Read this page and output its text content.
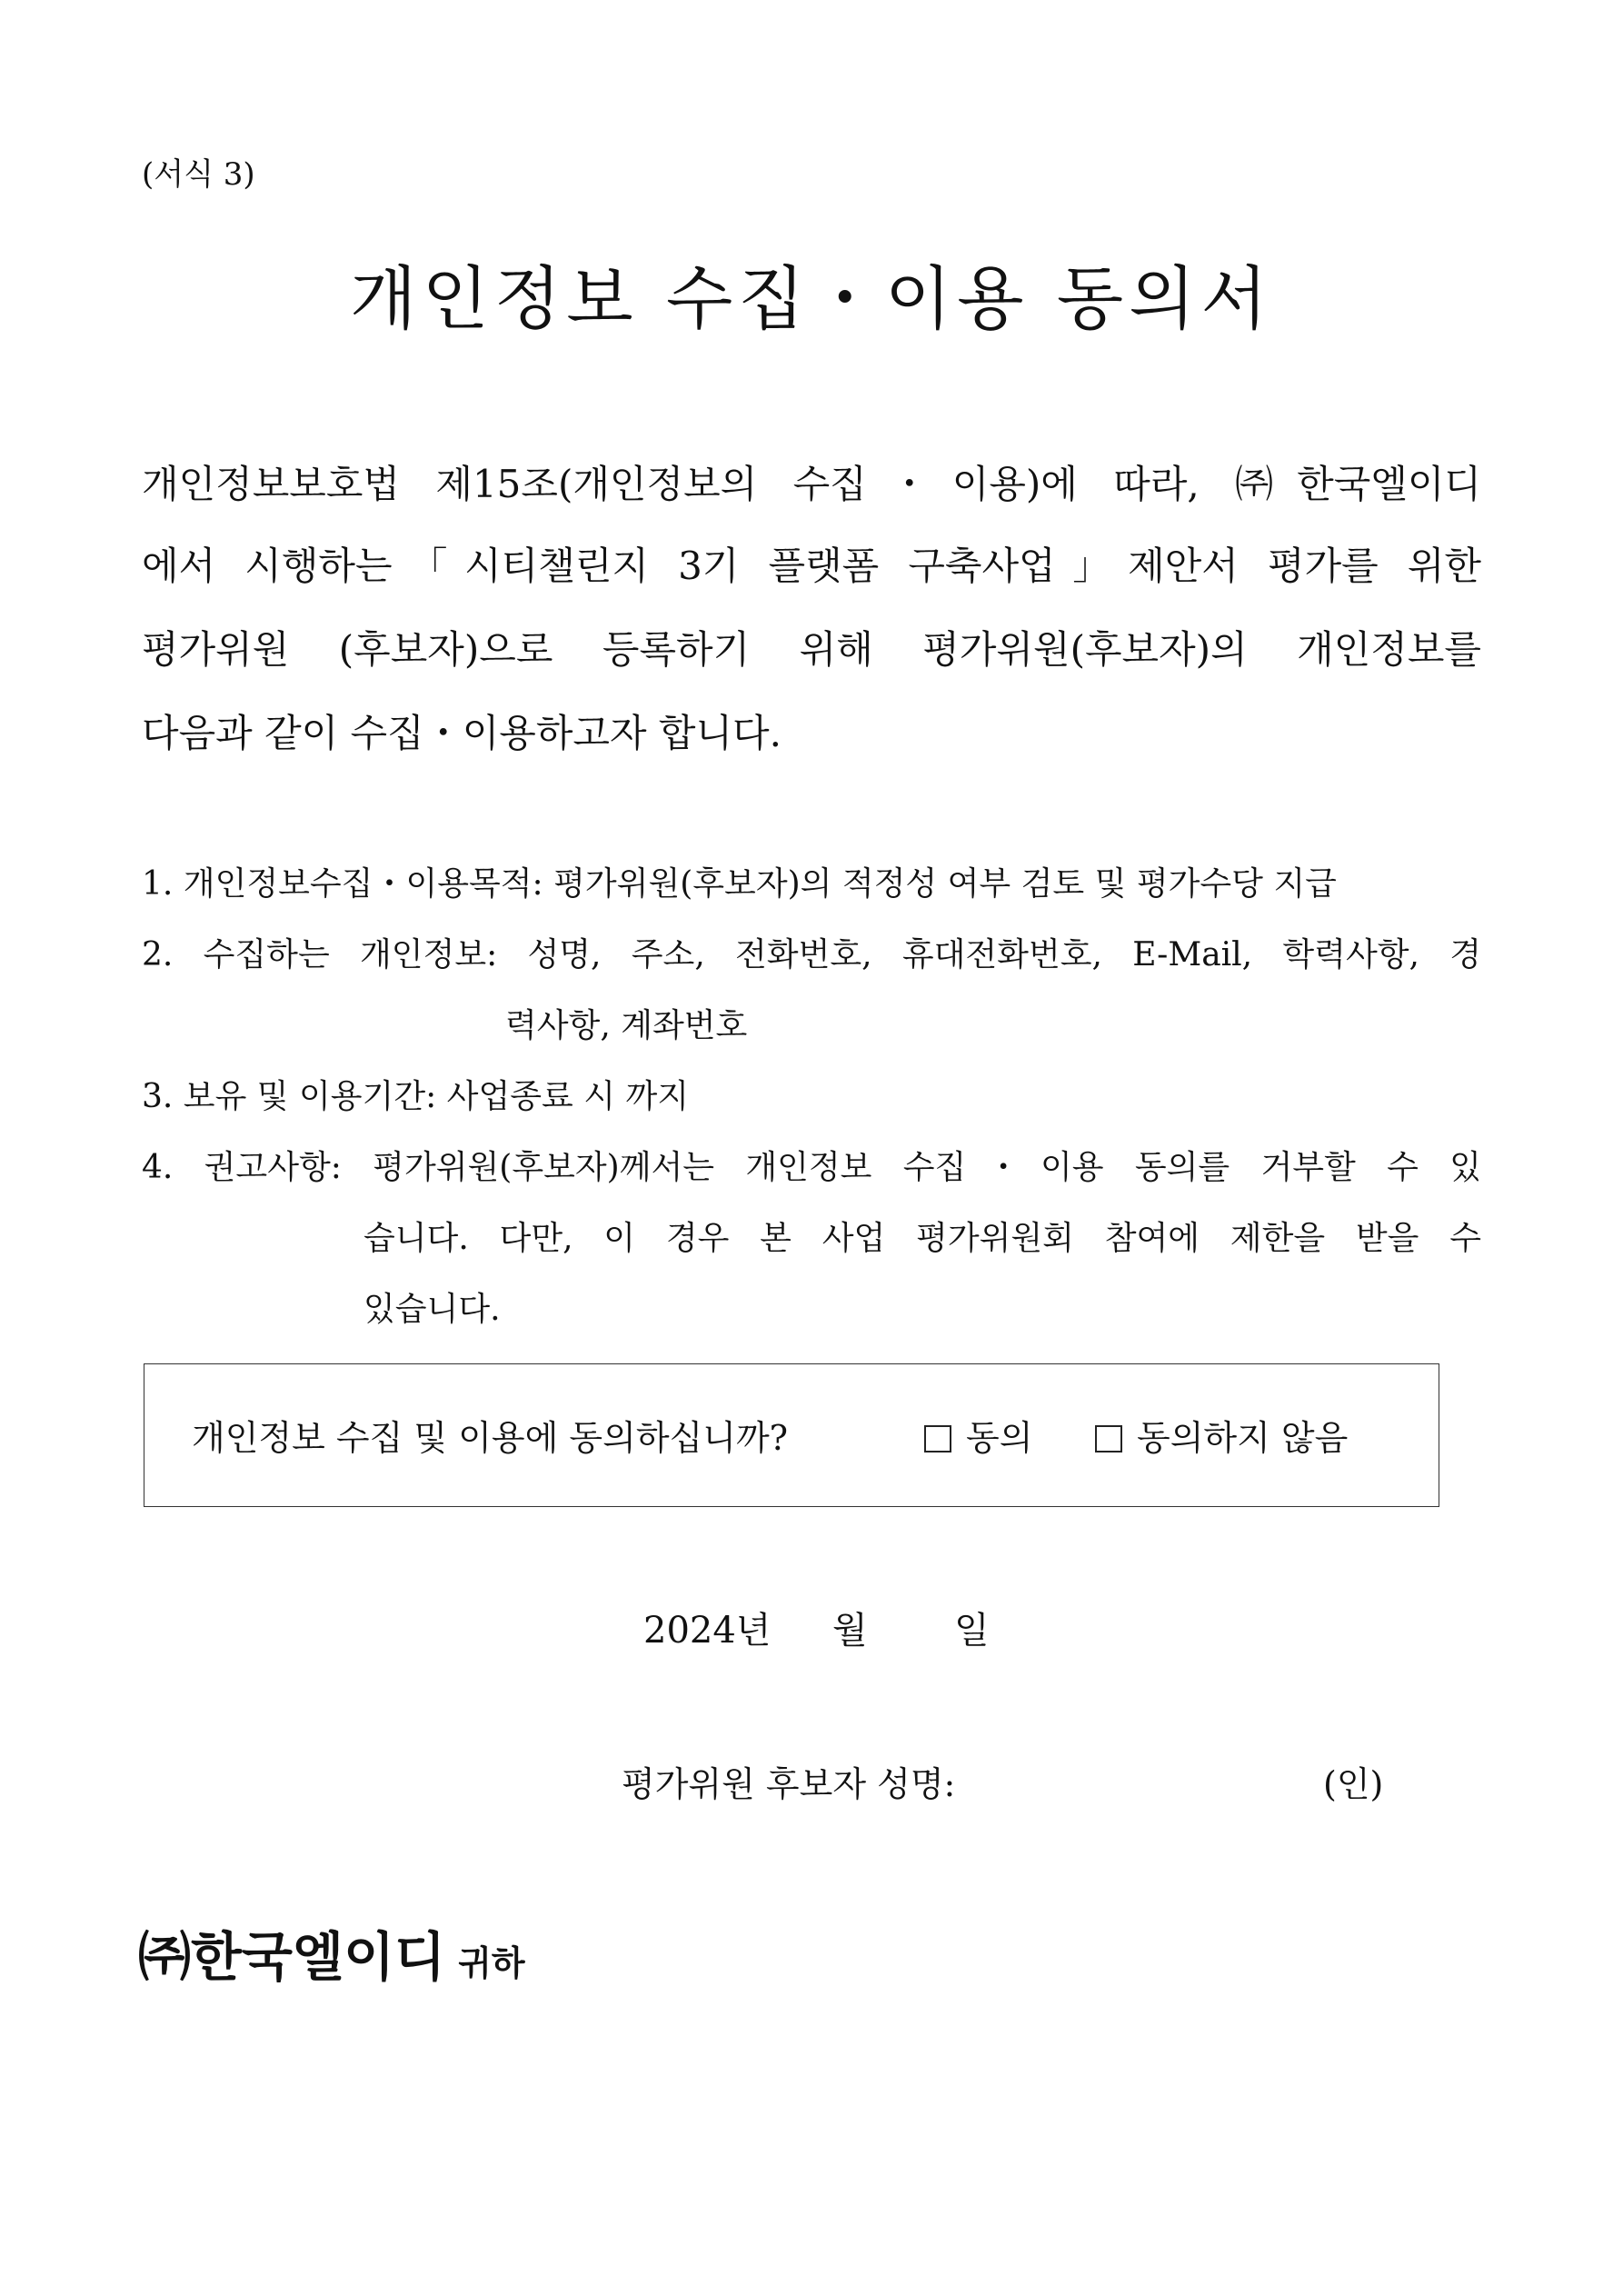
(서식 3)
개인정보 수집・이용 동의서
개인정보보호법 제15조(개인정보의 수집・이용)에 따라, ㈜한국엘이디
에서 시행하는「시티챌린지 3기 플랫폼 구축사업」제안서 평가를 위한
평가위원 (후보자)으로 등록하기 위해 평가위원(후보자)의 개인정보를
다음과 같이 수집・이용하고자 합니다.
1. 개인정보수집・이용목적: 평가위원(후보자)의 적정성 여부 검토 및 평가수당 지급
2. 수집하는 개인정보: 성명, 주소, 전화번호, 휴대전화번호, E-Mail, 학력사항, 경
력사항, 계좌번호
3. 보유 및 이용기간: 사업종료 시 까지
4. 권고사항: 평가위원(후보자)께서는 개인정보 수집・이용 동의를 거부할 수 있
습니다. 다만, 이 경우 본 사업 평가위원회 참여에 제한을 받을 수
있습니다.
개인정보 수집 및 이용에 동의하십니까?	동의	동의하지 않음
2024년 월 일
평가위원 후보자 성명:	(인)
㈜한국엘이디 귀하
